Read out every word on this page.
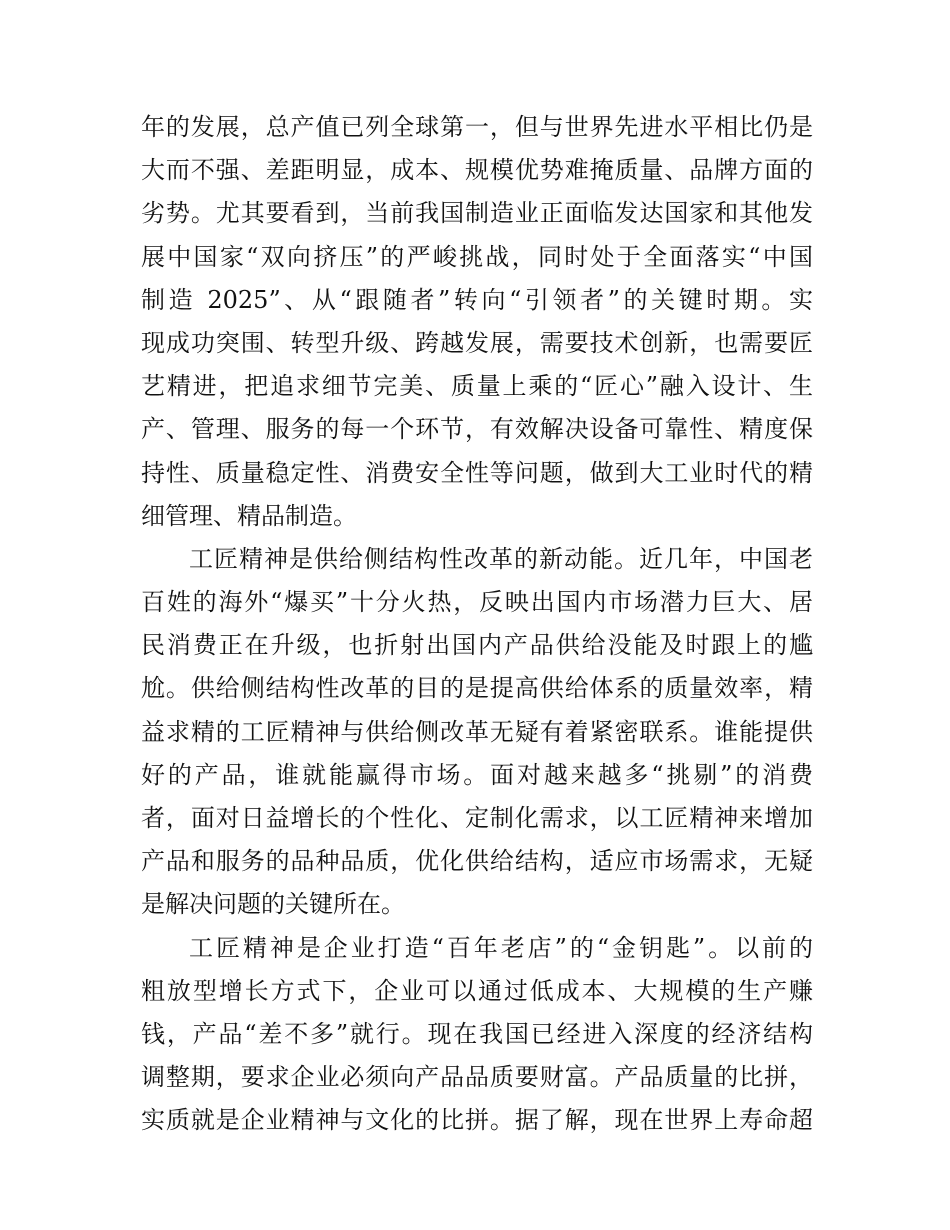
年的发展，总产值已列全球第一，但与世界先进水平相比仍是
大而不强、差距明显，成本、规模优势难掩质量、品牌方面的
劣势。尤其要看到，当前我国制造业正面临发达国家和其他发
展中国家“双向挤压”的严峻挑战，同时处于全面落实“中国
制造 2025”、从“跟随者”转向“引领者”的关键时期。实
现成功突围、转型升级、跨越发展，需要技术创新，也需要匠
艺精进，把追求细节完美、质量上乘的“匠心”融入设计、生
产、管理、服务的每一个环节，有效解决设备可靠性、精度保
持性、质量稳定性、消费安全性等问题，做到大工业时代的精
细管理、精品制造。
工匠精神是供给侧结构性改革的新动能。近几年，中国老
百姓的海外“爆买”十分火热，反映出国内市场潜力巨大、居
民消费正在升级，也折射出国内产品供给没能及时跟上的尴
尬。供给侧结构性改革的目的是提高供给体系的质量效率，精
益求精的工匠精神与供给侧改革无疑有着紧密联系。谁能提供
好的产品，谁就能赢得市场。面对越来越多“挑剔”的消费
者，面对日益增长的个性化、定制化需求，以工匠精神来增加
产品和服务的品种品质，优化供给结构，适应市场需求，无疑
是解决问题的关键所在。
工匠精神是企业打造“百年老店”的“金钥匙”。以前的
粗放型增长方式下，企业可以通过低成本、大规模的生产赚
钱，产品“差不多”就行。现在我国已经进入深度的经济结构
调整期，要求企业必须向产品品质要财富。产品质量的比拼，
实质就是企业精神与文化的比拼。据了解，现在世界上寿命超
